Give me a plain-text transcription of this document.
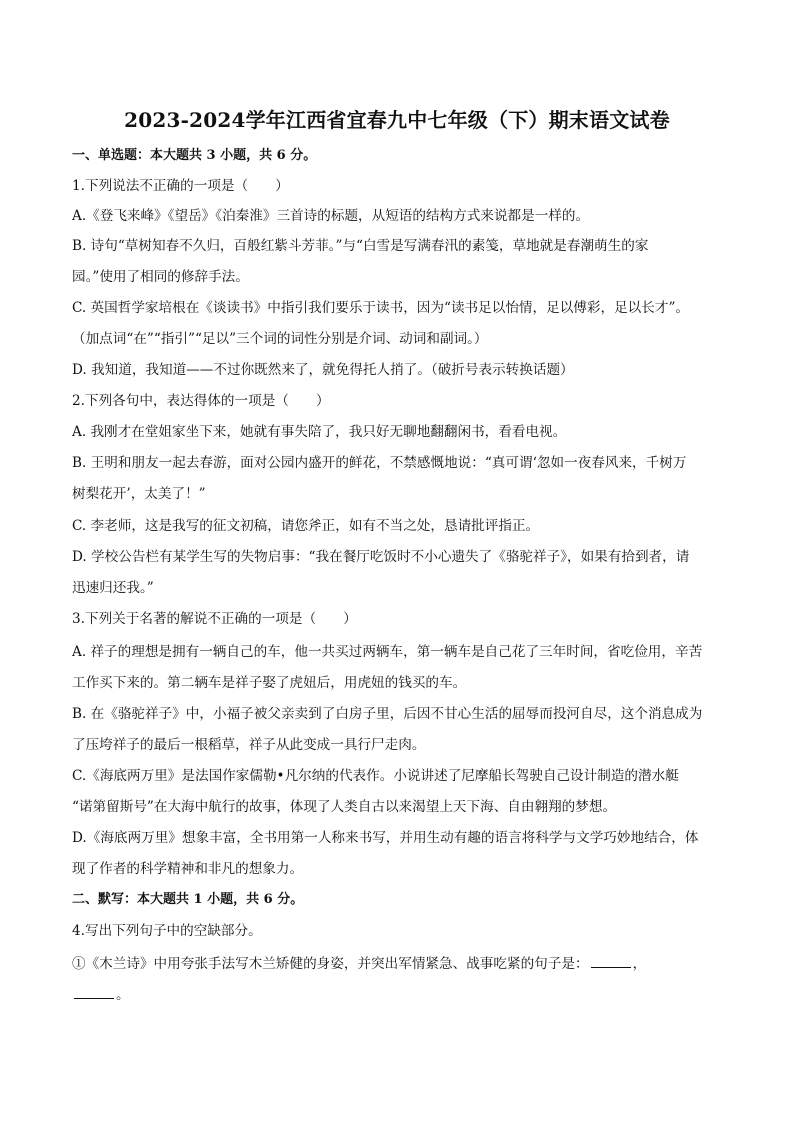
2023-2024学年江西省宜春九中七年级（下）期末语文试卷
一、单选题：本大题共 3 小题，共 6 分。
1.下列说法不正确的一项是（　　）
A.《登飞来峰》《望岳》《泊秦淮》三首诗的标题，从短语的结构方式来说都是一样的。
B. 诗句“草树知春不久归，百般红紫斗芳菲。”与“白雪是写满春汛的素笺，草地就是春潮萌生的家
园。”使用了相同的修辞手法。
C. 英国哲学家培根在《谈读书》中指引我们要乐于读书，因为“读书足以怡情，足以傅彩，足以长才”。
（加点词“在”“指引”“足以”三个词的词性分别是介词、动词和副词。）
D. 我知道，我知道——不过你既然来了，就免得托人捎了。（破折号表示转换话题）
2.下列各句中，表达得体的一项是（　　）
A. 我刚才在堂姐家坐下来，她就有事失陪了，我只好无聊地翻翻闲书，看看电视。
B. 王明和朋友一起去春游，面对公园内盛开的鲜花，不禁感慨地说：“真可谓‘忽如一夜春风来，千树万
树梨花开’，太美了！”
C. 李老师，这是我写的征文初稿，请您斧正，如有不当之处，恳请批评指正。
D. 学校公告栏有某学生写的失物启事：“我在餐厅吃饭时不小心遗失了《骆驼祥子》，如果有拾到者，请
迅速归还我。”
3.下列关于名著的解说不正确的一项是（　　）
A. 祥子的理想是拥有一辆自己的车，他一共买过两辆车，第一辆车是自己花了三年时间，省吃俭用，辛苦
工作买下来的。第二辆车是祥子娶了虎妞后，用虎妞的钱买的车。
B. 在《骆驼祥子》中，小福子被父亲卖到了白房子里，后因不甘心生活的屈辱而投河自尽，这个消息成为
了压垮祥子的最后一根稻草，祥子从此变成一具行尸走肉。
C.《海底两万里》是法国作家儒勒•凡尔纳的代表作。小说讲述了尼摩船长驾驶自己设计制造的潜水艇
“诺第留斯号”在大海中航行的故事，体现了人类自古以来渴望上天下海、自由翱翔的梦想。
D.《海底两万里》想象丰富，全书用第一人称来书写，并用生动有趣的语言将科学与文学巧妙地结合，体
现了作者的科学精神和非凡的想象力。
二、默写：本大题共 1 小题，共 6 分。
4.写出下列句子中的空缺部分。
①《木兰诗》中用夸张手法写木兰矫健的身姿，并突出军情紧急、战事吃紧的句子是：	，
。
